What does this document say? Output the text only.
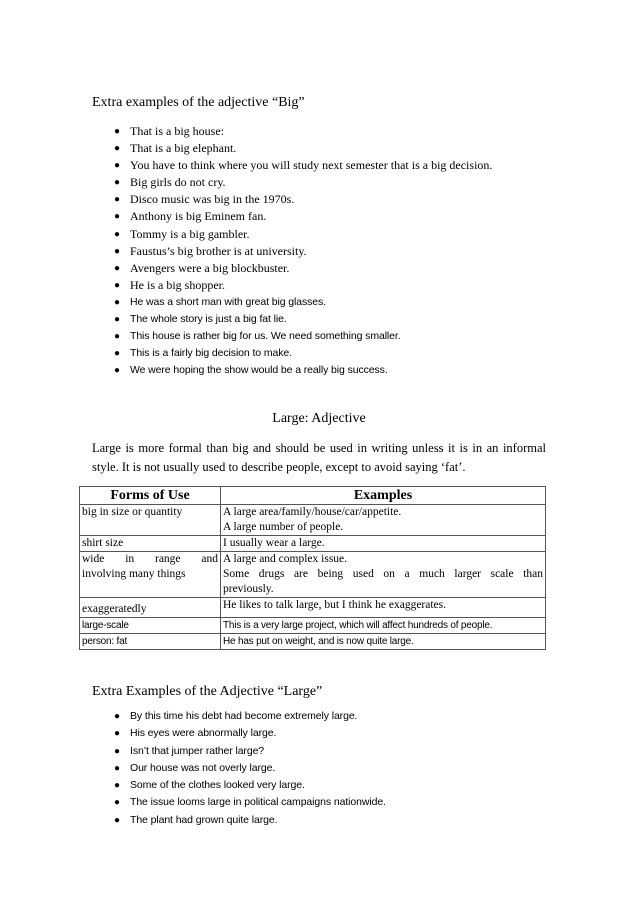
Extra examples of the adjective “Big”
● That is a big house:
● That is a big elephant.
● You have to think where you will study next semester that is a big decision.
● Big girls do not cry.
● Disco music was big in the 1970s.
● Anthony is big Eminem fan.
● Tommy is a big gambler.
● Faustus’s big brother is at university.
● Avengers were a big blockbuster.
● He is a big shopper.
● He was a short man with great big glasses.
● The whole story is just a big fat lie.
● This house is rather big for us. We need something smaller.
● This is a fairly big decision to make.
● We were hoping the show would be a really big success.
Large: Adjective

Large is more formal than big and should be used in writing unless it is in an informal style. It is not usually used to describe people, except to avoid saying ‘fat’.

Forms of Use	Examples

big in size or quantity	A large area/family/house/car/appetite.
A large number of people.

shirt size	I usually wear a large.

wide in range and
involving many things	A large and complex issue.
Some drugs are being used on a much larger scale than
previously.

exaggeratedly	He likes to talk large, but I think he exaggerates.

large-scale	This is a very large project, which will affect hundreds of people.

person: fat	He has put on weight, and is now quite large.
Extra Examples of the Adjective “Large”
● By this time his debt had become extremely large.
● His eyes were abnormally large.
● Isn’t that jumper rather large?
● Our house was not overly large.
● Some of the clothes looked very large.
● The issue looms large in political campaigns nationwide.
● The plant had grown quite large.
